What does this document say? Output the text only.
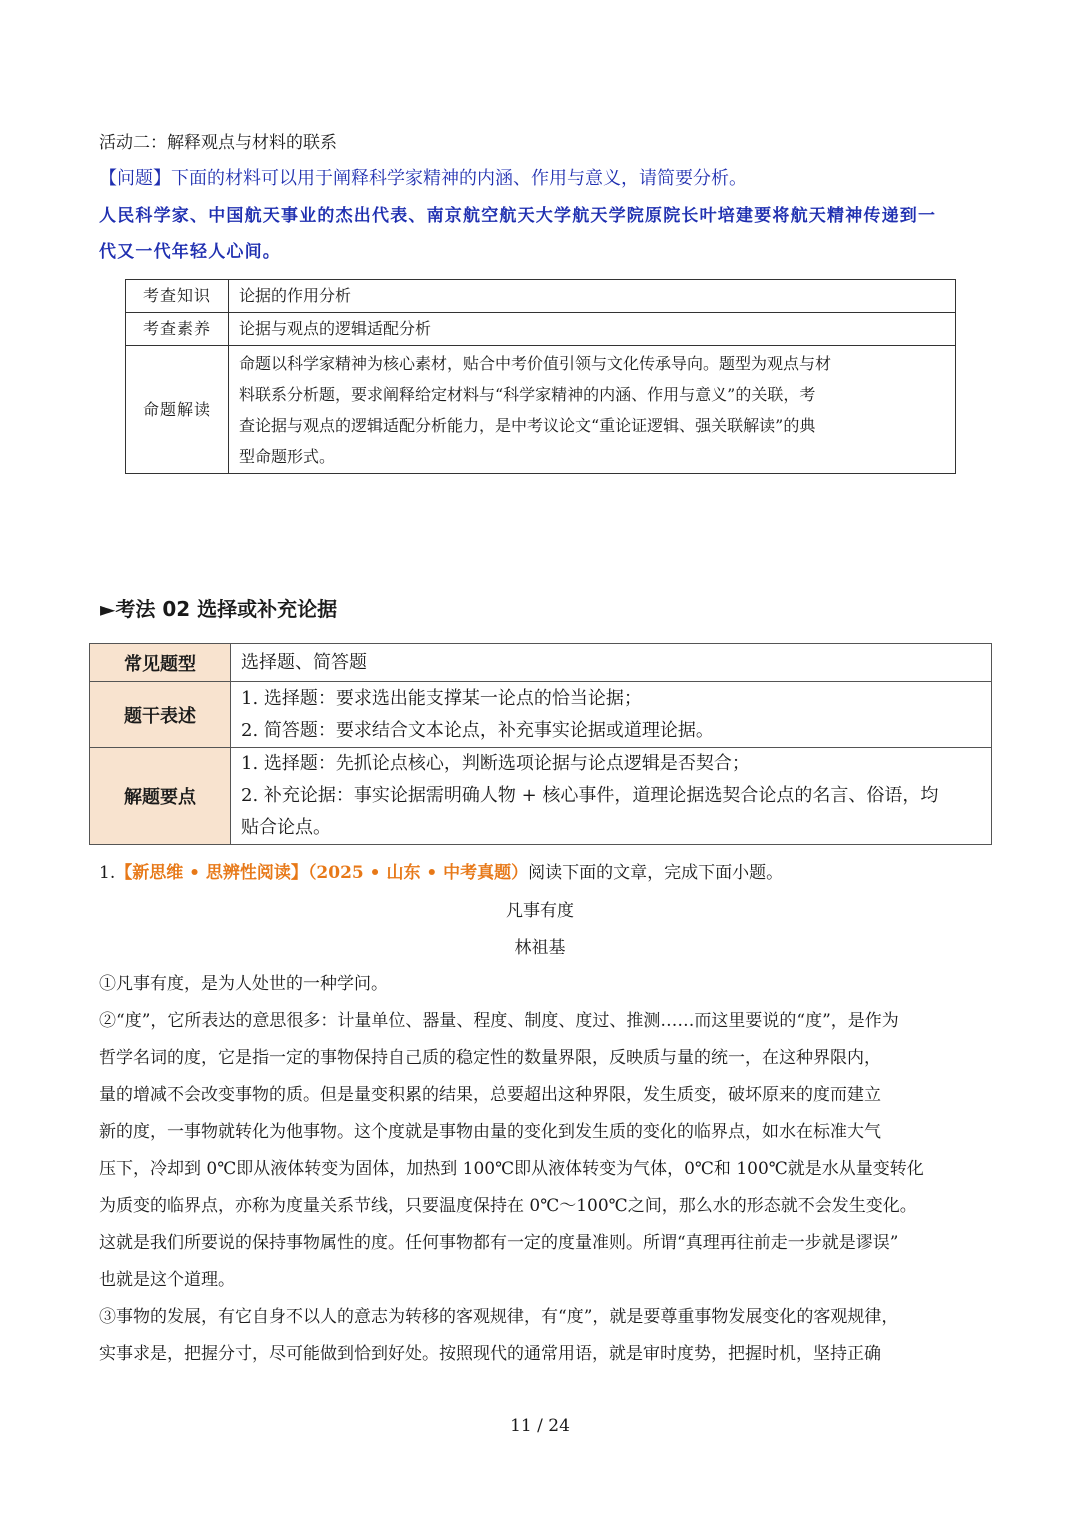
活动二：解释观点与材料的联系
【问题】下面的材料可以用于阐释科学家精神的内涵、作用与意义，请简要分析。
人民科学家、中国航天事业的杰出代表、南京航空航天大学航天学院原院长叶培建要将航天精神传递到一
代又一代年轻人心间。
考查知识	论据的作用分析
考查素养	论据与观点的逻辑适配分析
命题解读	命题以科学家精神为核心素材，贴合中考价值引领与文化传承导向。题型为观点与材

料联系分析题，要求阐释给定材料与“科学家精神的内涵、作用与意义”的关联，考

查论据与观点的逻辑适配分析能力，是中考议论文“重论证逻辑、强关联解读”的典

型命题形式。

►考法 02 选择或补充论据
常见题型	选择题、简答题

题干表述	1. 选择题：要求选出能支撑某一论点的恰当论据；

2. 简答题：要求结合文本论点，补充事实论据或道理论据。

解题要点	1. 选择题：先抓论点核心，判断选项论据与论点逻辑是否契合；

2. 补充论据：事实论据需明确人物 + 核心事件，道理论据选契合论点的名言、俗语，均

贴合论点。

1.【新思维 • 思辨性阅读】（2025 • 山东 • 中考真题）阅读下面的文章，完成下面小题。
凡事有度
林祖基

①凡事有度，是为人处世的一种学问。

②“度”，它所表达的意思很多：计量单位、器量、程度、制度、度过、推测……而这里要说的“度”，是作为

哲学名词的度，它是指一定的事物保持自己质的稳定性的数量界限，反映质与量的统一，在这种界限内，

量的增减不会改变事物的质。但是量变积累的结果，总要超出这种界限，发生质变，破坏原来的度而建立

新的度，一事物就转化为他事物。这个度就是事物由量的变化到发生质的变化的临界点，如水在标准大气

压下，冷却到 0℃即从液体转变为固体，加热到 100℃即从液体转变为气体，0℃和 100℃就是水从量变转化

为质变的临界点，亦称为度量关系节线，只要温度保持在 0℃～100℃之间，那么水的形态就不会发生变化。

这就是我们所要说的保持事物属性的度。任何事物都有一定的度量准则。所谓“真理再往前走一步就是谬误”

也就是这个道理。

③事物的发展，有它自身不以人的意志为转移的客观规律，有“度”，就是要尊重事物发展变化的客观规律，

实事求是，把握分寸，尽可能做到恰到好处。按照现代的通常用语，就是审时度势，把握时机，坚持正确

11 / 24
